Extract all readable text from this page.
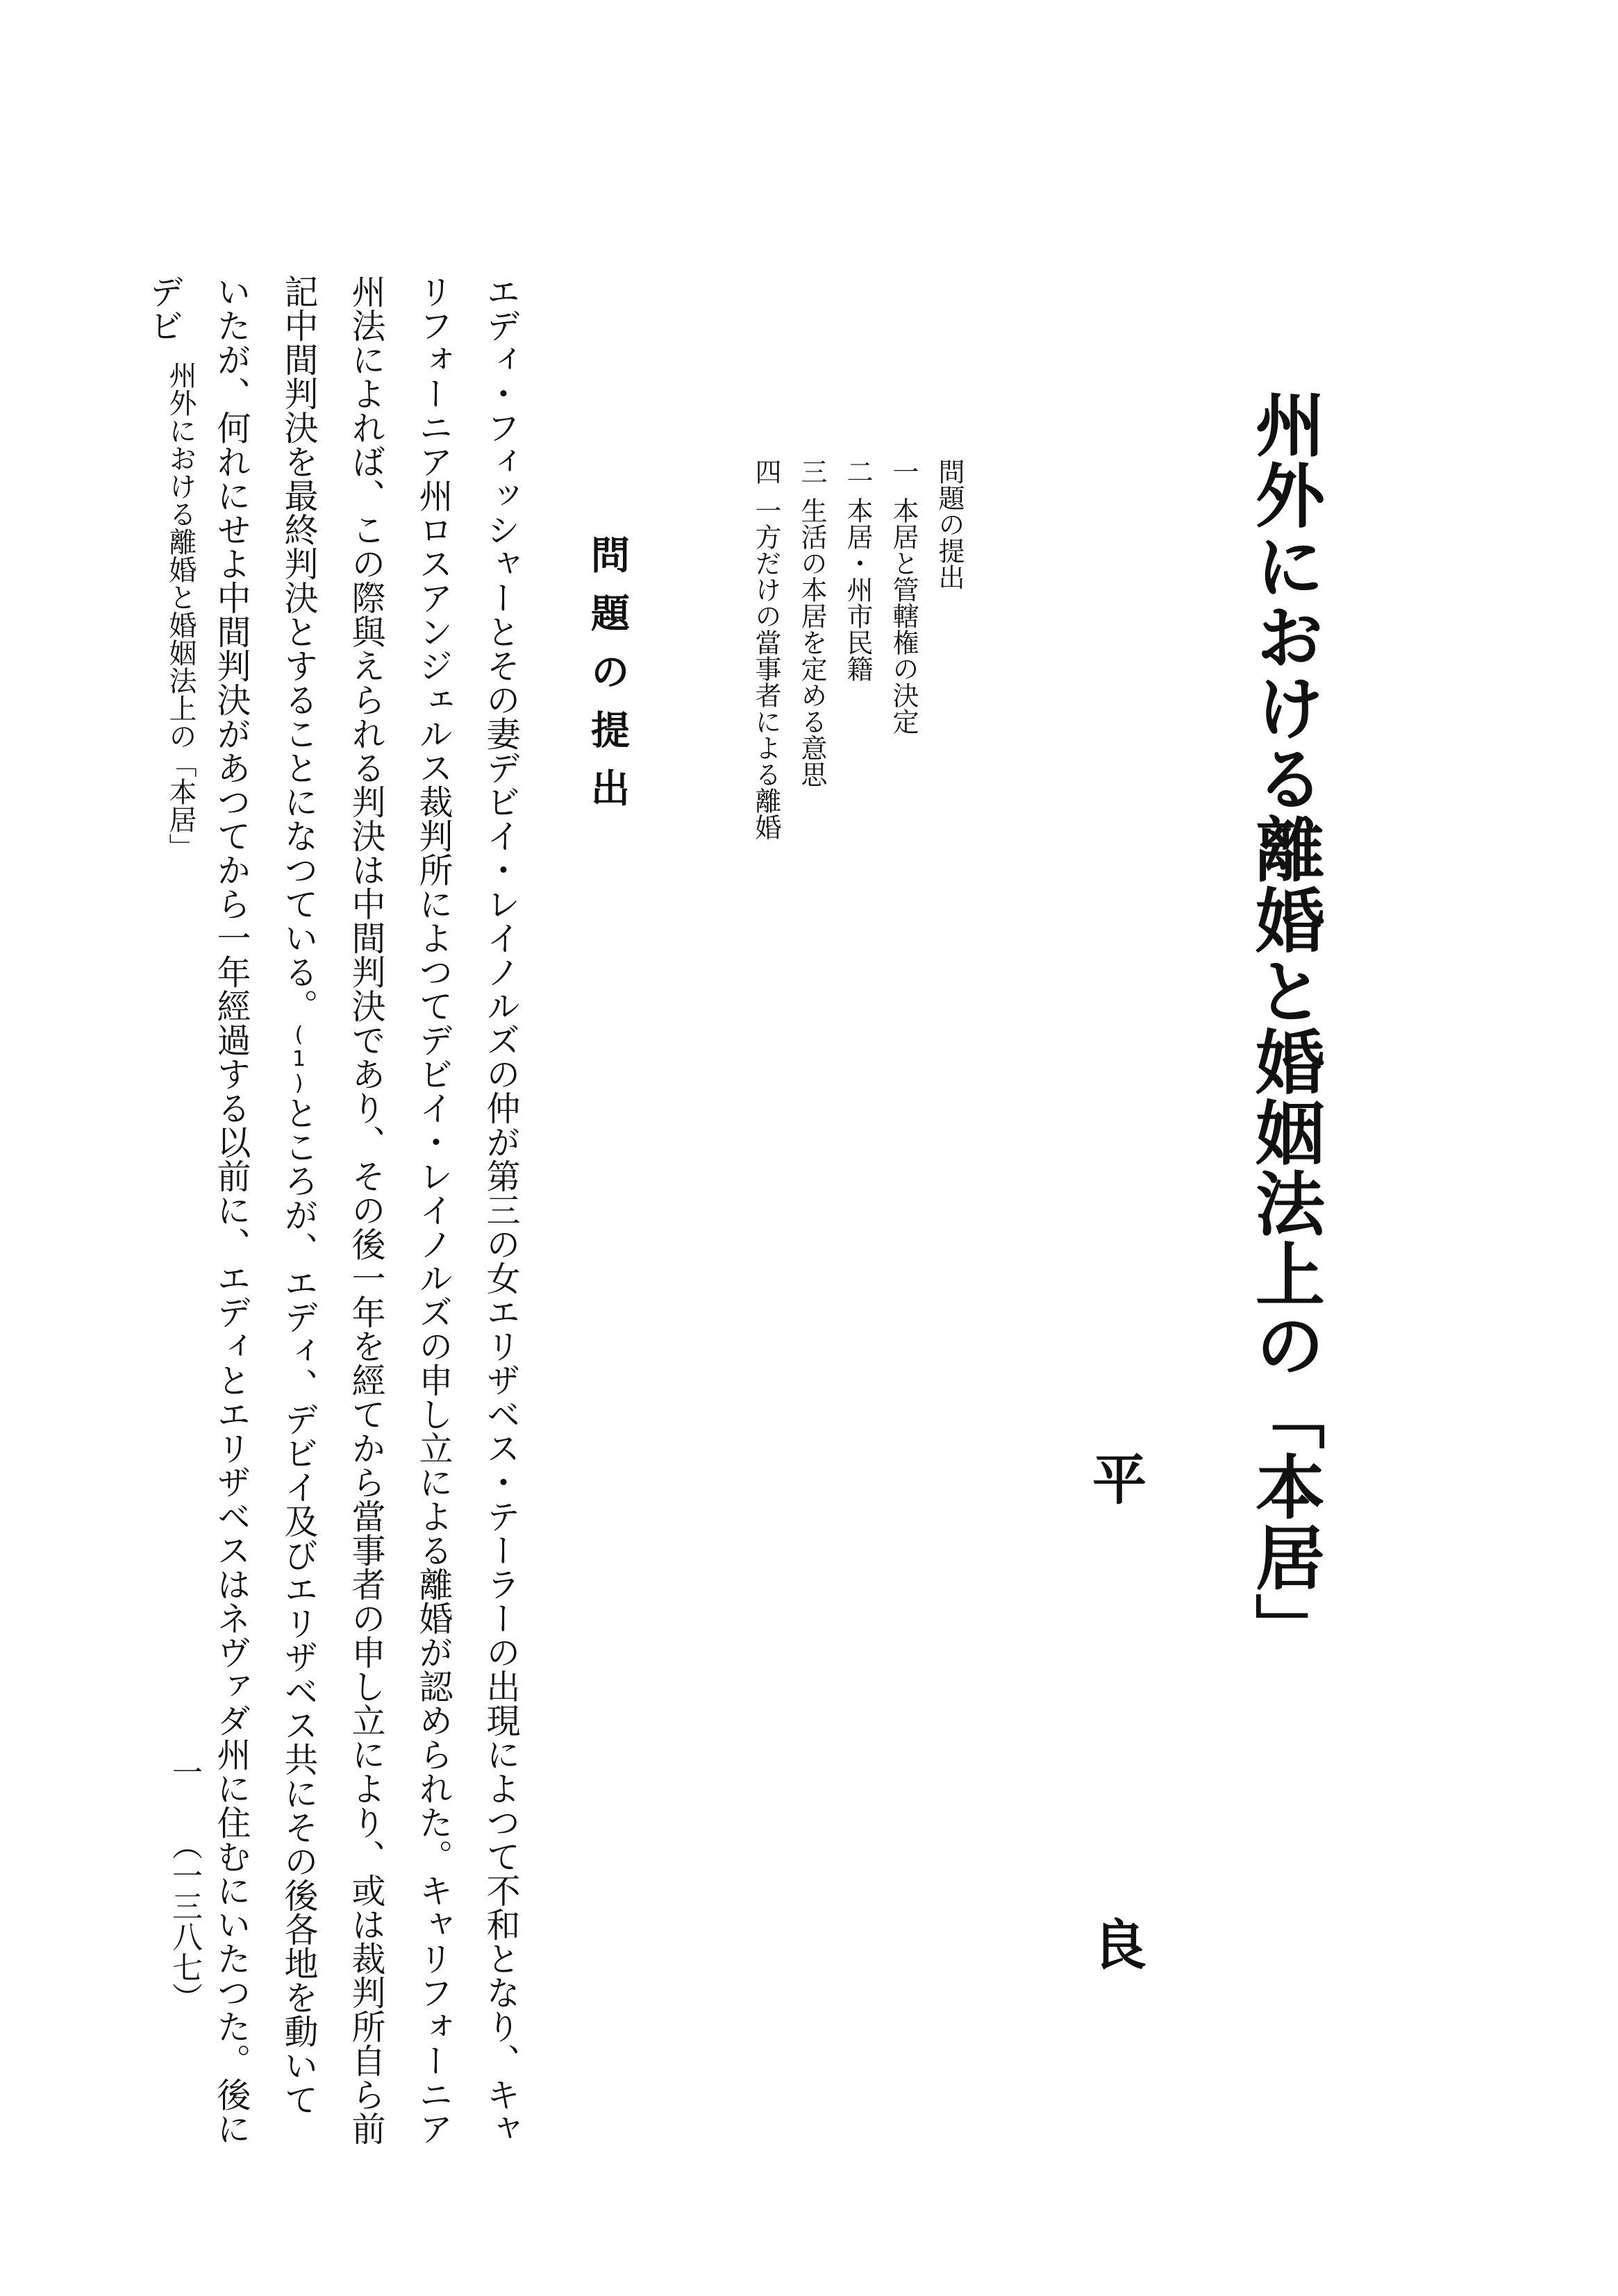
州外における離婚と婚姻法上の「本居」
平
良
問題の提出
一本居と管轄権の決定
二本居・州市民籍
三生活の本居を定める意思
四一方だけの當事者による離婚
問題の提出

エディ・フィッシャーとその妻デビイ・レイノルズの仲が第三の女エリザベス・テーラーの出現によつて不和となり、キャリフォーニア州ロスアンジェルス裁判所によつてデビイ・レイノルズの申し立による離婚が認められた。キャリフォーニア州法によれば、この際與えられる判決は中間判決であり、その後一年を經てから當事者の申し立により、或は裁判所自ら前記中間判決を最終判決とすることになつている。(1)ところが、エディ、デビイ及びエリザベス共にその後各地を動いていたが、何れにせよ中間判決があつてから一年經過する以前に、エディとエリザベスはネヴァダ州に住むにいたつた。後にデビ

州外における離婚と婚姻法上の「本居」
一
（一三八七）
